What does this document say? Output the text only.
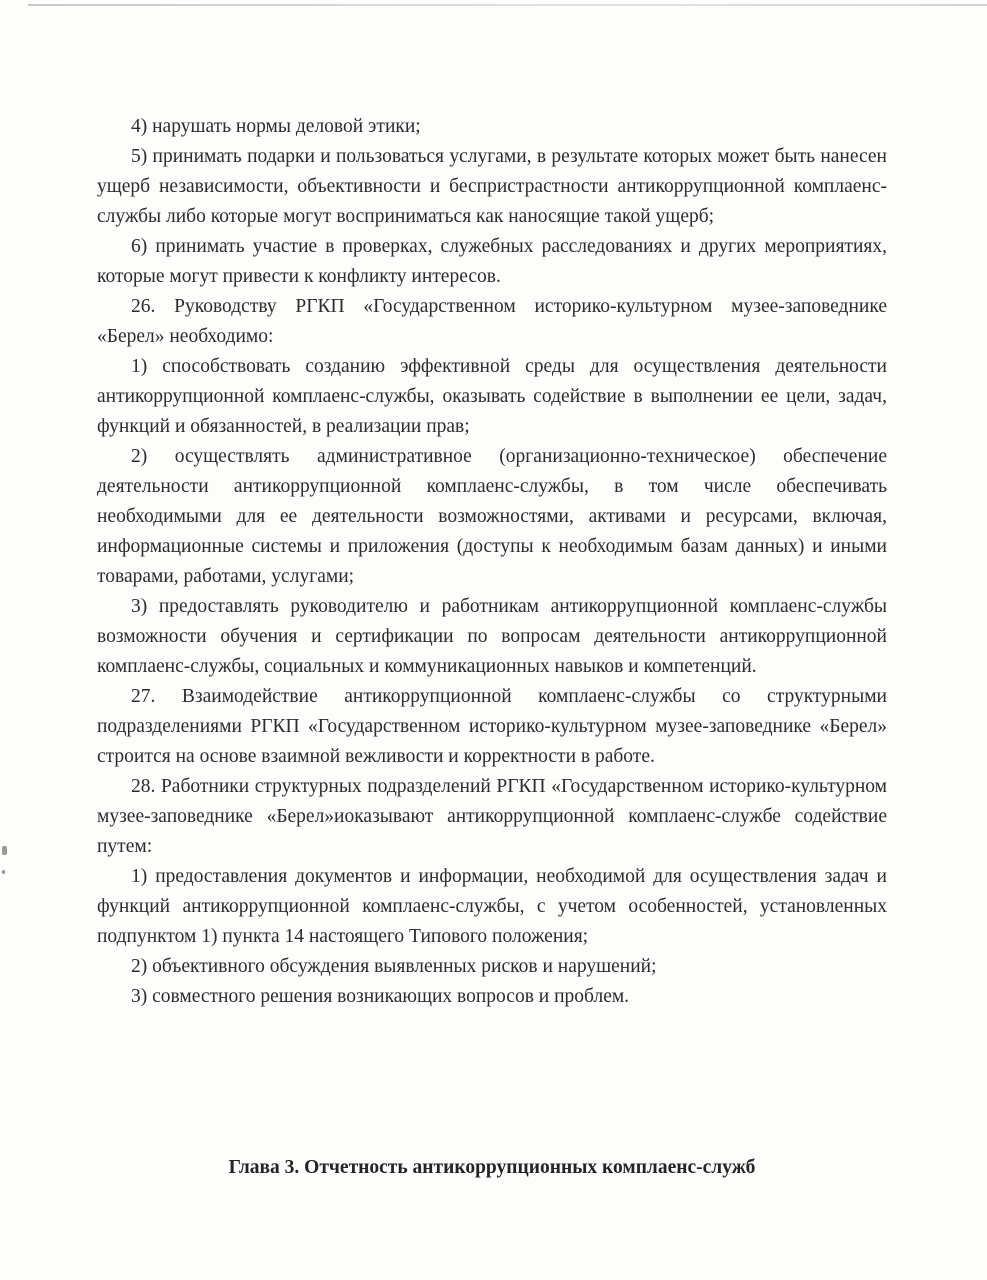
4) нарушать нормы деловой этики;

5) принимать подарки и пользоваться услугами, в результате которых может быть нанесен ущерб независимости, объективности и беспристрастности антикоррупционной комплаенс-службы либо которые могут восприниматься как наносящие такой ущерб;

6) принимать участие в проверках, служебных расследованиях и других мероприятиях, которые могут привести к конфликту интересов.

26. Руководству РГКП «Государственном историко-культурном музее-заповеднике «Берел» необходимо:

1) способствовать созданию эффективной среды для осуществления деятельности антикоррупционной комплаенс-службы, оказывать содействие в выполнении ее цели, задач, функций и обязанностей, в реализации прав;

2) осуществлять административное (организационно-техническое) обеспечение деятельности антикоррупционной комплаенс-службы, в том числе обеспечивать необходимыми для ее деятельности возможностями, активами и ресурсами, включая, информационные системы и приложения (доступы к необходимым базам данных) и иными товарами, работами, услугами;

3) предоставлять руководителю и работникам антикоррупционной комплаенс-службы возможности обучения и сертификации по вопросам деятельности антикоррупционной комплаенс-службы, социальных и коммуникационных навыков и компетенций.

27. Взаимодействие антикоррупционной комплаенс-службы со структурными подразделениями РГКП «Государственном историко-культурном музее-заповеднике «Берел» строится на основе взаимной вежливости и корректности в работе.

28. Работники структурных подразделений РГКП «Государственном историко-культурном музее-заповеднике «Берел»иоказывают антикоррупционной комплаенс-службе содействие путем:

1) предоставления документов и информации, необходимой для осуществления задач и функций антикоррупционной комплаенс-службы, с учетом особенностей, установленных подпунктом 1) пункта 14 настоящего Типового положения;

2) объективного обсуждения выявленных рисков и нарушений;

3) совместного решения возникающих вопросов и проблем.

Глава 3. Отчетность антикоррупционных комплаенс-служб
